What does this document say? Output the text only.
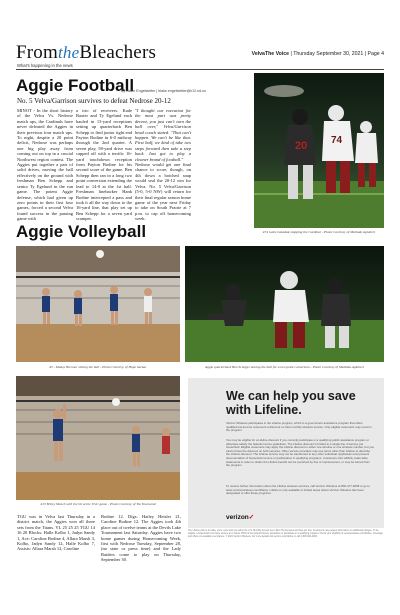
FromtheBleachers
What's happening in the news
VelvaThe Voice | Thursday September 30, 2021 | Page 4
Aggie Football
By Blake Engelstetter | blake.engelstetter@k12.nd.us
No. 5 Velva/Garrison survives to defeat Nedrose 20-12

MINOT - In the short history of the Velva Vs. Nedrose match ups, the Cardinals have never defeated the Aggies in their previous four match ups. To night, despite a 20 point deficit, Nedrose was perhaps one big play away from coming out on top in a crucial Northwest region contest. The Aggies put together a pair of solid drives, moving the ball effectively on the ground with freshman Ben Schepp and senior Ty Egelund in the run game. The potent Aggie defense, which had given up zero points in their first four games, forced a second Velva found success in the passing game with

a trio of receivers. Kade Baxter and Ty Egelund each hauled in 13-yard receptions setting up quarterback Ben Schepp to find junior tight end Payton Bodine in 6-0 midway through the 2nd quarter. A seven play, 58-yard drive was capped off with a terrific 16-yard touchdown reception from Payton Bodine for his second score of the game. Ben Schepp then ran in a long two point conversion extending the lead to 14-0 at the 1st half. Freshman linebacker Hank Bodine intercepted a pass and took it all the way down to the 16-yard line, that play set up Ben Schepp for a seven yard scamper.

"I thought our execution for the most part was pretty decent, you just can't turn the ball over," Velva/Garrison head coach stated. "That can't happen. We can't be like that. First half, we kind of take two steps forward then take a step back. Just got to play a cleaner brand of football."

Nedrose would get one final chance to score, though, on 4th down a botched snap would seal the 20-12 win for Velva. No. 5 Velva/Garrison (5-0, 5-0 NW) will return for their final regular season home game of the year next Friday to take on South Prairie at 7 p.m. to cap off homecoming week.

20 74
#74 Gabe Lakodak stopping the Cardinal - Photo Courtesy of Malinda Aglubert
Aggie Volleyball
#5 - Makoy Brenner setting the ball - Photo Courtesy of Hope Sackar	Aggie quarterback Ben Schepp running the ball for a two point conversion - Photo Courtesy of Malinda Aglubert
#13 Briley Mosch with the hit at the TGU game - Photo Courtesy of Tia Townsend

TGU was in Velva last Thursday in a district match, the Aggies won all three sets from the Titans. VL 25 25 25 TGU 14 16 20 Blocks: Halle Kolbo 1, Jadyn Sandy 1, Ace: Caroline Bodine 4, Allara Marsh 3, Kolbo, Jadyn Sandy 12, Halle Kolbo 7, Assists: Allara Marsh 12, Caroline

Bodine 12. Digs: Hailey Heisler 21, Caroline Bodine 12. The Aggies took 4th place out of twelve teams at the Devils Lake Tournament last Saturday. Aggies have two home games during Homecoming Week, first with Nedrose Tuesday, September 28, (no state or press time) and the Lady Raiders come to play on Thursday, September 30.

We can help you save with Lifeline.
Verizon Wireless participates in the Lifeline program, which is a government assistance program that offers qualified low-income customers a discount on their monthly wireless service. Only eligible customers may enroll in the program.
You may be eligible for a Lifeline discount if you currently participate in a qualifying public assistance program or otherwise satisfy the federal income guidelines. The Lifeline discount is limited to a single line of service per household. Eligible customers may apply the Lifeline discount to either one wireline or one wireless number, but you cannot have the discount on both services. Other service providers may use terms other than Lifeline to describe the Lifeline discount. The Lifeline service may not be transferred to any other individual. Applicants must present documentation of household income or participation in qualifying programs. Customers who willfully make false statements in order to obtain the Lifeline benefit can be punished by fine or imprisonment, or may be barred from the program.
To receive further information about the Lifeline wireless services, call Verizon Wireless at 800-477-2848 or go to www.verizonwireless.com/lifeline. Lifeline is only available in limited areas where Verizon Wireless has been designated to offer these programs.
verizon✓
The Lifeline plan is for data, voice, texts and use within the U.S. Monthly Access fee is $12.75 plus taxes and fees per line. Customers may request information on additional charges. To be eligible, a household must have income at or below 135% of the federal Poverty Guidelines or participate in a qualifying program. Check your eligibility at verizonwireless.com/lifeline. Coverage and offers not available everywhere. © 2021 Verizon Wireless. For more details visit verizon.com/lifeline or call 1-800-922-0204.
